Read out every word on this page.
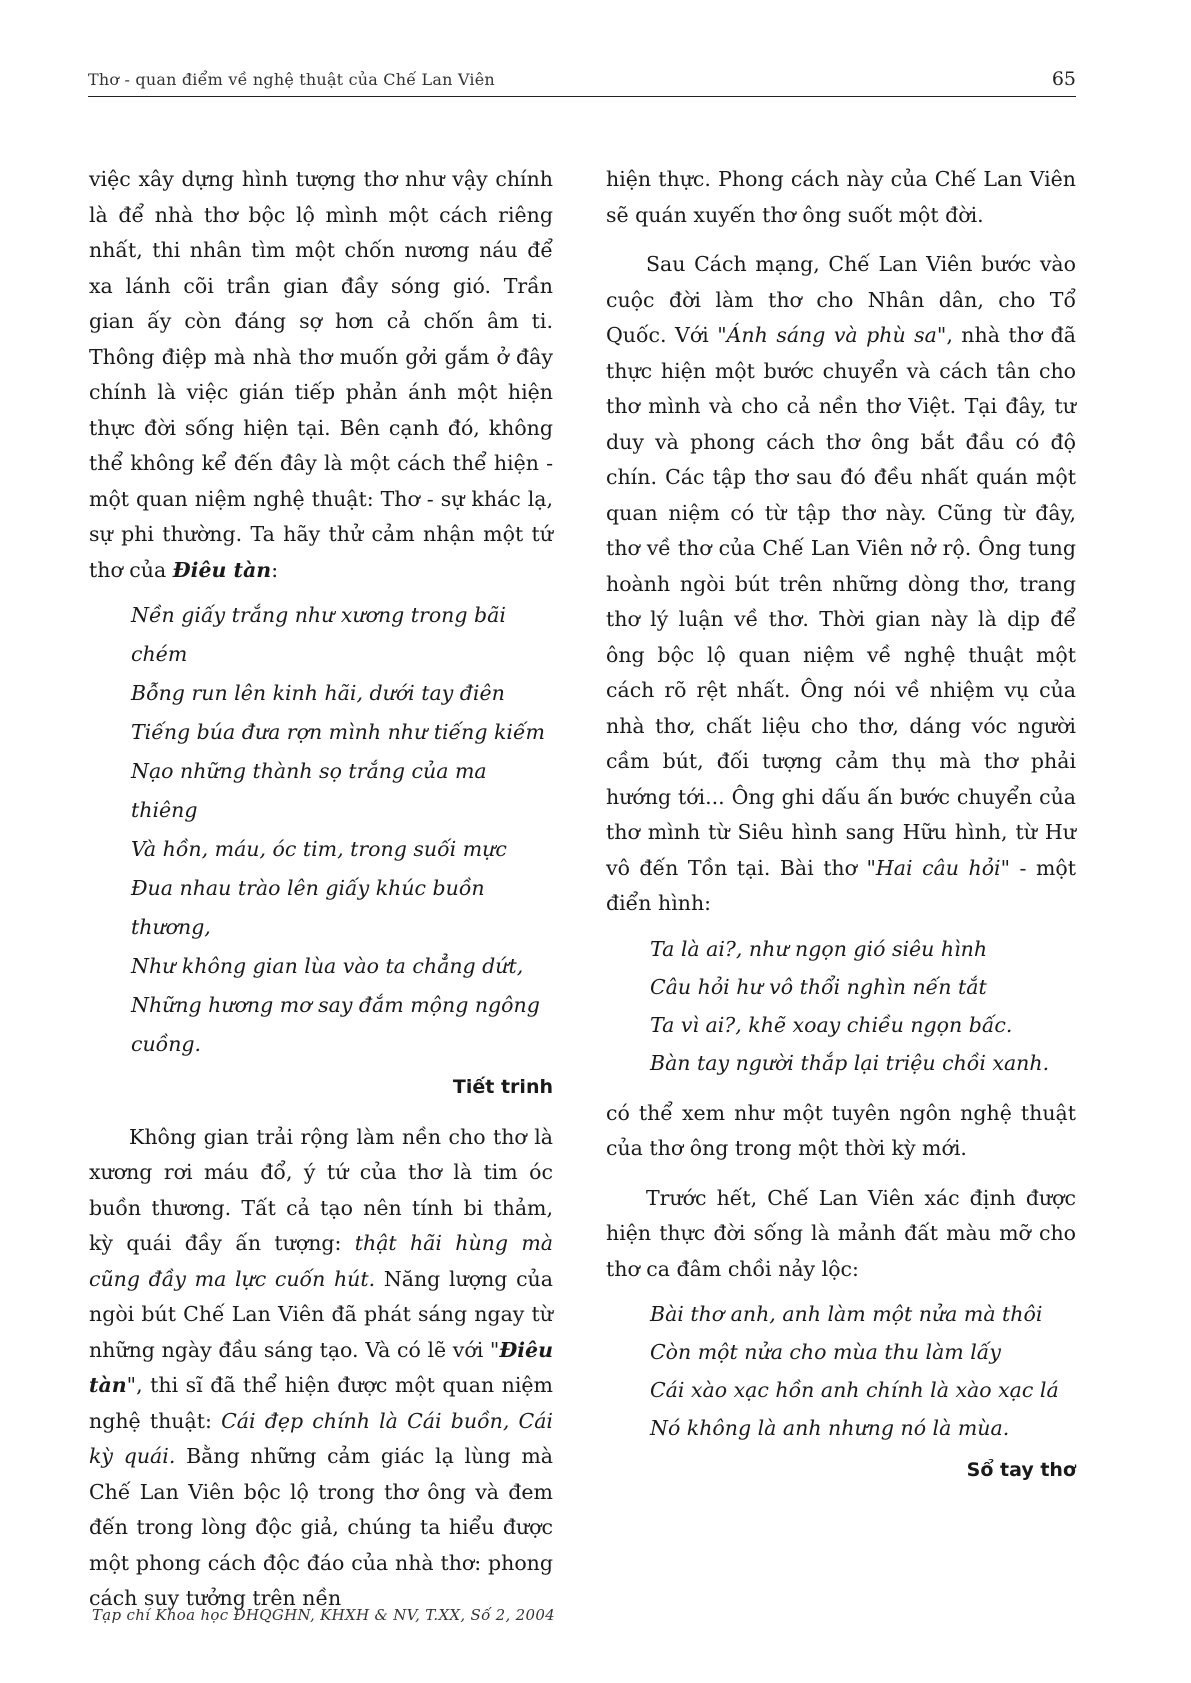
Thơ - quan điểm về nghệ thuật của Chế Lan Viên	65

việc xây dựng hình tượng thơ như vậy chính là để nhà thơ bộc lộ mình một cách riêng nhất, thi nhân tìm một chốn nương náu để xa lánh cõi trần gian đầy sóng gió. Trần gian ấy còn đáng sợ hơn cả chốn âm ti. Thông điệp mà nhà thơ muốn gởi gắm ở đây chính là việc gián tiếp phản ánh một hiện thực đời sống hiện tại. Bên cạnh đó, không thể không kể đến đây là một cách thể hiện - một quan niệm nghệ thuật: Thơ - sự khác lạ, sự phi thường. Ta hãy thử cảm nhận một tứ thơ của Điêu tàn:

Nền giấy trắng như xương trong bãi chém
Bỗng run lên kinh hãi, dưới tay điên
Tiếng búa đưa rợn mình như tiếng kiếm
Nạo những thành sọ trắng của ma thiêng
Và hồn, máu, óc tim, trong suối mực
Đua nhau trào lên giấy khúc buồn thương,
Như không gian lùa vào ta chẳng dứt,
Những hương mơ say đắm mộng ngông cuồng.
Tiết trinh

Không gian trải rộng làm nền cho thơ là xương rơi máu đổ, ý tứ của thơ là tim óc buồn thương. Tất cả tạo nên tính bi thảm, kỳ quái đầy ấn tượng: thật hãi hùng mà cũng đầy ma lực cuốn hút. Năng lượng của ngòi bút Chế Lan Viên đã phát sáng ngay từ những ngày đầu sáng tạo. Và có lẽ với "Điêu tàn", thi sĩ đã thể hiện được một quan niệm nghệ thuật: Cái đẹp chính là Cái buồn, Cái kỳ quái. Bằng những cảm giác lạ lùng mà Chế Lan Viên bộc lộ trong thơ ông và đem đến trong lòng độc giả, chúng ta hiểu được một phong cách độc đáo của nhà thơ: phong cách suy tưởng trên nền

hiện thực. Phong cách này của Chế Lan Viên sẽ quán xuyến thơ ông suốt một đời.

Sau Cách mạng, Chế Lan Viên bước vào cuộc đời làm thơ cho Nhân dân, cho Tổ Quốc. Với "Ánh sáng và phù sa", nhà thơ đã thực hiện một bước chuyển và cách tân cho thơ mình và cho cả nền thơ Việt. Tại đây, tư duy và phong cách thơ ông bắt đầu có độ chín. Các tập thơ sau đó đều nhất quán một quan niệm có từ tập thơ này. Cũng từ đây, thơ về thơ của Chế Lan Viên nở rộ. Ông tung hoành ngòi bút trên những dòng thơ, trang thơ lý luận về thơ. Thời gian này là dịp để ông bộc lộ quan niệm về nghệ thuật một cách rõ rệt nhất. Ông nói về nhiệm vụ của nhà thơ, chất liệu cho thơ, dáng vóc người cầm bút, đối tượng cảm thụ mà thơ phải hướng tới... Ông ghi dấu ấn bước chuyển của thơ mình từ Siêu hình sang Hữu hình, từ Hư vô đến Tồn tại. Bài thơ "Hai câu hỏi" - một điển hình:

Ta là ai?, như ngọn gió siêu hình
Câu hỏi hư vô thổi nghìn nến tắt
Ta vì ai?, khẽ xoay chiều ngọn bấc.
Bàn tay người thắp lại triệu chồi xanh.

có thể xem như một tuyên ngôn nghệ thuật của thơ ông trong một thời kỳ mới.

Trước hết, Chế Lan Viên xác định được hiện thực đời sống là mảnh đất màu mỡ cho thơ ca đâm chồi nảy lộc:

Bài thơ anh, anh làm một nửa mà thôi
Còn một nửa cho mùa thu làm lấy
Cái xào xạc hồn anh chính là xào xạc lá
Nó không là anh nhưng nó là mùa.
Sổ tay thơ
Tạp chí Khoa học ĐHQGHN, KHXH & NV, T.XX, Số 2, 2004
